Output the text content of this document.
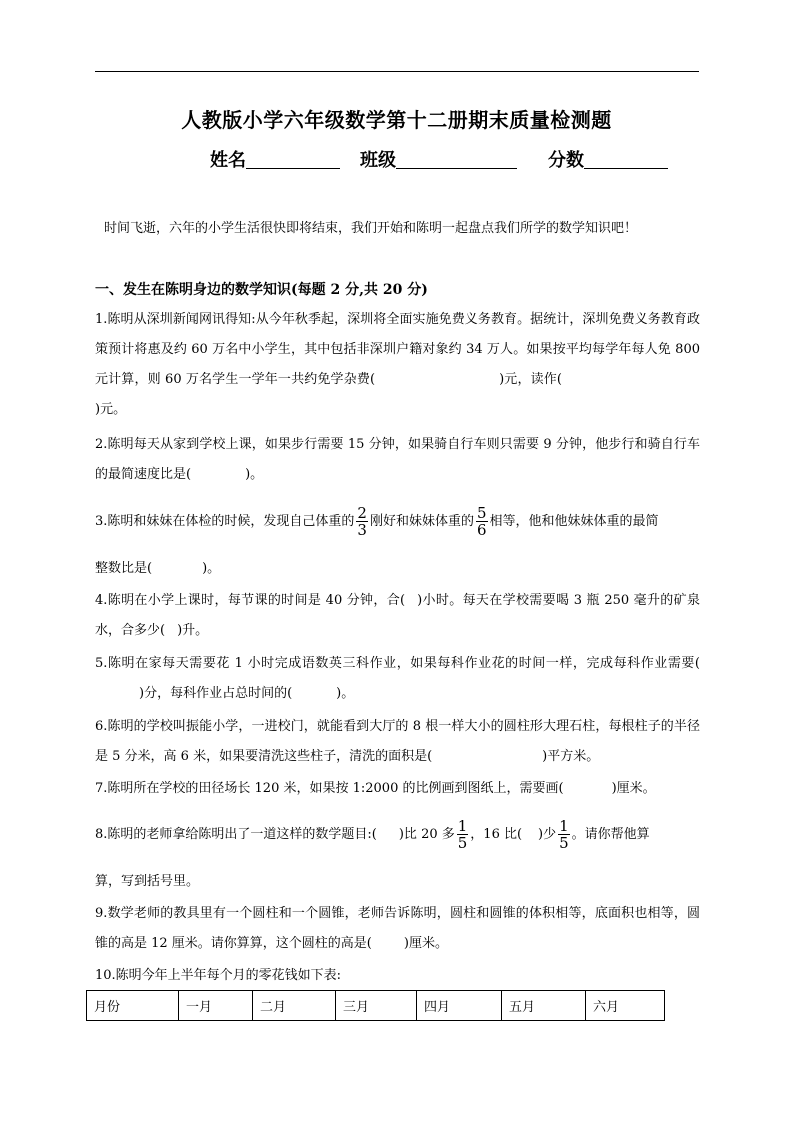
人教版小学六年级数学第十二册期末质量检测题
姓名	班级	分数
时间飞逝，六年的小学生活很快即将结束，我们开始和陈明一起盘点我们所学的数学知识吧！
一、发生在陈明身边的数学知识(每题 2 分,共 20 分)
1.陈明从深圳新闻网讯得知:从今年秋季起，深圳将全面实施免费义务教育。据统计，深圳免费义务教育政策预计将惠及约 60 万名中小学生，其中包括非深圳户籍对象约 34 万人。如果按平均每学年每人免 800 元计算，则 60 万名学生一学年一共约免学杂费(	)元，读作()元。
2.陈明每天从家到学校上课，如果步行需要 15 分钟，如果骑自行车则只需要 9 分钟，他步行和骑自行车的最简速度比是(	)。
3.陈明和妹妹在体检的时候，发现自己体重的 $\frac{2}{3}$ 刚好和妹妹体重的 $\frac{5}{6}$ 相等，他和他妹妹体重的最简
整数比是(	)。
4.陈明在小学上课时，每节课的时间是 40 分钟，合( )小时。每天在学校需要喝 3 瓶 250 毫升的矿泉水，合多少( )升。
5.陈明在家每天需要花 1 小时完成语数英三科作业，如果每科作业花的时间一样，完成每科作业需要()分，每科作业占总时间的(	)。
6.陈明的学校叫振能小学，一进校门，就能看到大厅的 8 根一样大小的圆柱形大理石柱，每根柱子的半径是 5 分米，高 6 米，如果要清洗这些柱子，清洗的面积是(	)平方米。
7.陈明所在学校的田径场长 120 米，如果按 1:2000 的比例画到图纸上，需要画(	)厘米。
8.陈明的老师拿给陈明出了一道这样的数学题目:( )比 20 多 $\frac{1}{5}$ ，16 比( )少 $\frac{1}{5}$ 。请你帮他算
算，写到括号里。
9.数学老师的教具里有一个圆柱和一个圆锥，老师告诉陈明，圆柱和圆锥的体积相等，底面积也相等，圆锥的高是 12 厘米。请你算算，这个圆柱的高是( )厘米。
10.陈明今年上半年每个月的零花钱如下表:
月份	一月	二月	三月	四月	五月	六月
